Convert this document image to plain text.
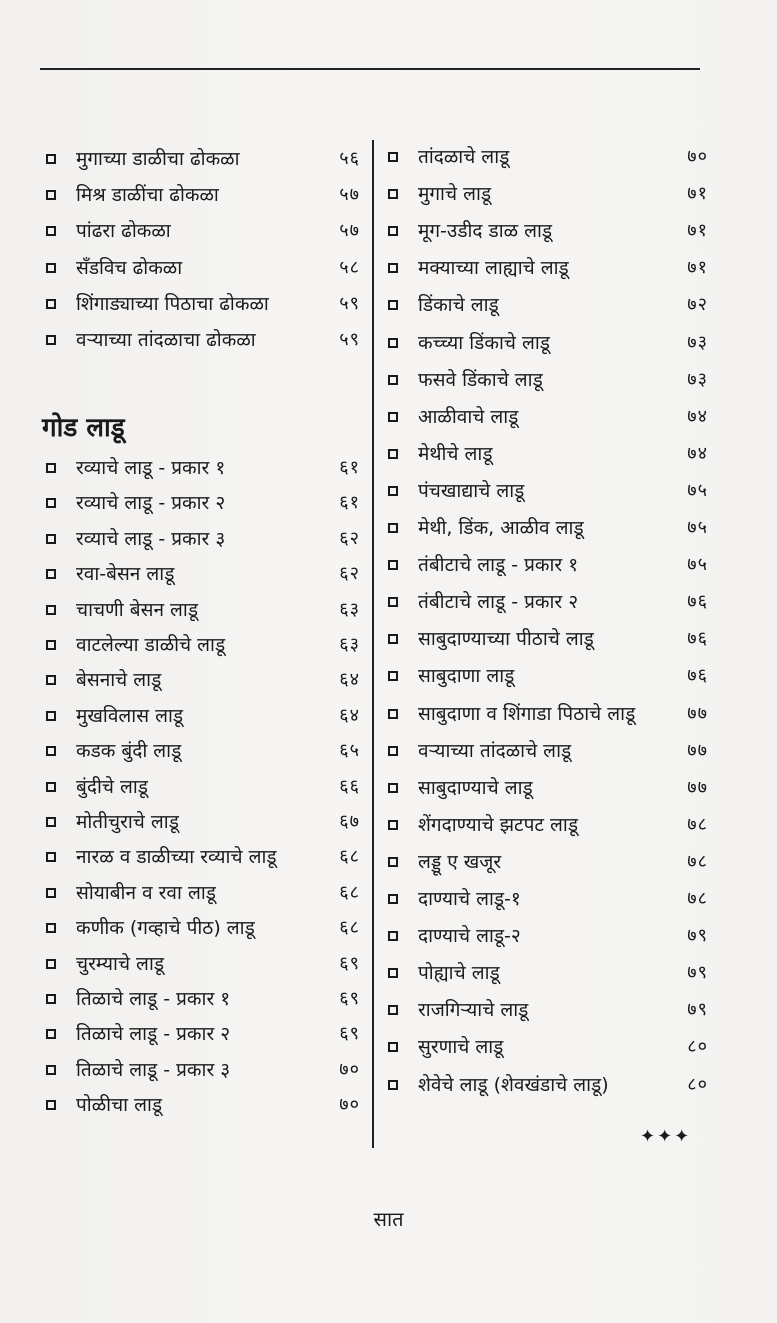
मुगाच्या डाळीचा ढोकळा	५६
मिश्र डाळींचा ढोकळा	५७
पांढरा ढोकळा	५७
सँडविच ढोकळा	५८
शिंगाड्याच्या पिठाचा ढोकळा	५९
वऱ्याच्या तांदळाचा ढोकळा	५९
गोड लाडू
रव्याचे लाडू - प्रकार १	६१
रव्याचे लाडू - प्रकार २	६१
रव्याचे लाडू - प्रकार ३	६२
रवा-बेसन लाडू	६२
चाचणी बेसन लाडू	६३
वाटलेल्या डाळीचे लाडू	६३
बेसनाचे लाडू	६४
मुखविलास लाडू	६४
कडक बुंदी लाडू	६५
बुंदीचे लाडू	६६
मोतीचुराचे लाडू	६७
नारळ व डाळीच्या रव्याचे लाडू	६८
सोयाबीन व रवा लाडू	६८
कणीक (गव्हाचे पीठ) लाडू	६८
चुरम्याचे लाडू	६९
तिळाचे लाडू - प्रकार १	६९
तिळाचे लाडू - प्रकार २	६९
तिळाचे लाडू - प्रकार ३	७०
पोळीचा लाडू	७०
तांदळाचे लाडू	७०
मुगाचे लाडू	७१
मूग-उडीद डाळ लाडू	७१
मक्याच्या लाह्याचे लाडू	७१
डिंकाचे लाडू	७२
कच्च्या डिंकाचे लाडू	७३
फसवे डिंकाचे लाडू	७३
आळीवाचे लाडू	७४
मेथीचे लाडू	७४
पंचखाद्याचे लाडू	७५
मेथी, डिंक, आळीव लाडू	७५
तंबीटाचे लाडू - प्रकार १	७५
तंबीटाचे लाडू - प्रकार २	७६
साबुदाण्याच्या पीठाचे लाडू	७६
साबुदाणा लाडू	७६
साबुदाणा व शिंगाडा पिठाचे लाडू	७७
वऱ्याच्या तांदळाचे लाडू	७७
साबुदाण्याचे लाडू	७७
शेंगदाण्याचे झटपट लाडू	७८
लड्डू ए खजूर	७८
दाण्याचे लाडू-१	७८
दाण्याचे लाडू-२	७९
पोह्याचे लाडू	७९
राजगिऱ्याचे लाडू	७९
सुरणाचे लाडू	८०
शेवेचे लाडू (शेवखंडाचे लाडू)	८०
✦✦✦
सात
